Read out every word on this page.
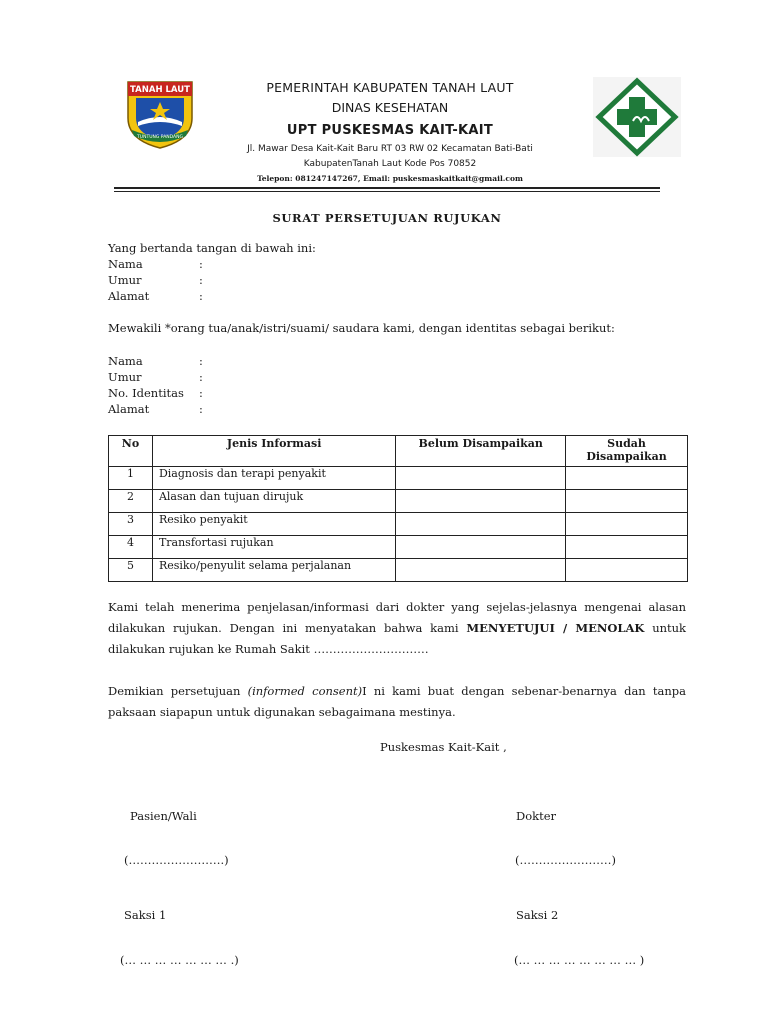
TANAH LAUT
TUNTUNG PANDANG
PEMERINTAH KABUPATEN TANAH LAUT
DINAS KESEHATAN
UPT PUSKESMAS KAIT-KAIT
Jl. Mawar Desa Kait-Kait Baru RT 03 RW 02 Kecamatan Bati-Bati
KabupatenTanah Laut Kode Pos 70852
Telepon: 081247147267, Email: puskesmaskaitkait@gmail.com
SURAT PERSETUJUAN RUJUKAN
Yang bertanda tangan di bawah ini:
Nama	:
Umur	:
Alamat	:
Mewakili *orang tua/anak/istri/suami/ saudara kami, dengan identitas sebagai berikut:
Nama	:
Umur	:
No. Identitas :
Alamat	:
No	Jenis Informasi	Belum Disampaikan	Sudah Disampaikan
1	Diagnosis dan terapi penyakit		
2	Alasan dan tujuan dirujuk		
3	Resiko penyakit		
4	Transfortasi rujukan		
5	Resiko/penyulit selama perjalanan		
Kami telah menerima penjelasan/informasi dari dokter yang sejelas-jelasnya mengenai alasan dilakukan rujukan. Dengan ini menyatakan bahwa kami MENYETUJUI / MENOLAK untuk dilakukan rujukan ke Rumah Sakit …………………………
Demikian persetujuan (informed consent)I ni kami buat dengan sebenar-benarnya dan tanpa paksaan siapapun untuk digunakan sebagaimana mestinya.
Puskesmas Kait-Kait ,
Pasien/Wali	Dokter
(…………………….)	(……………………)
Saksi 1	Saksi 2
(… … … … … … … .)	(… … … … … … … … )
